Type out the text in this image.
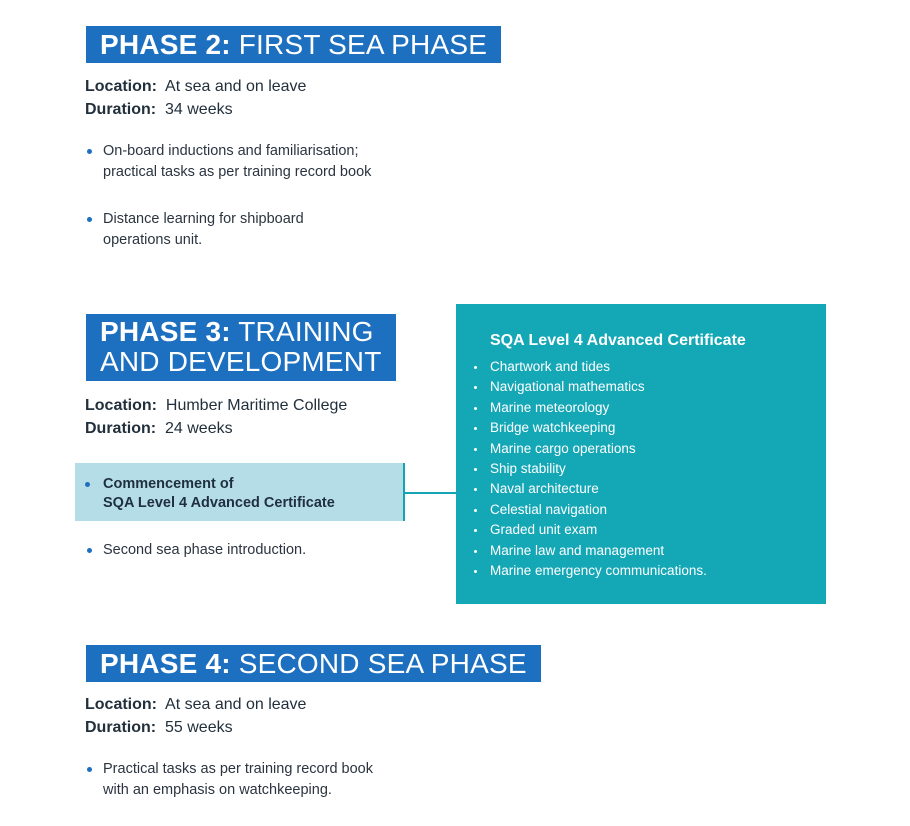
PHASE 2: FIRST SEA PHASE
Location: At sea and on leave
Duration: 34 weeks
On-board inductions and familiarisation;
practical tasks as per training record book
Distance learning for shipboard
operations unit.
PHASE 3: TRAINING
AND DEVELOPMENT
Location: Humber Maritime College
Duration: 24 weeks
Commencement of
SQA Level 4 Advanced Certificate
Second sea phase introduction.
SQA Level 4 Advanced Certificate
Chartwork and tides
Navigational mathematics
Marine meteorology
Bridge watchkeeping
Marine cargo operations
Ship stability
Naval architecture
Celestial navigation
Graded unit exam
Marine law and management
Marine emergency communications.
PHASE 4: SECOND SEA PHASE
Location: At sea and on leave
Duration: 55 weeks
Practical tasks as per training record book
with an emphasis on watchkeeping.
